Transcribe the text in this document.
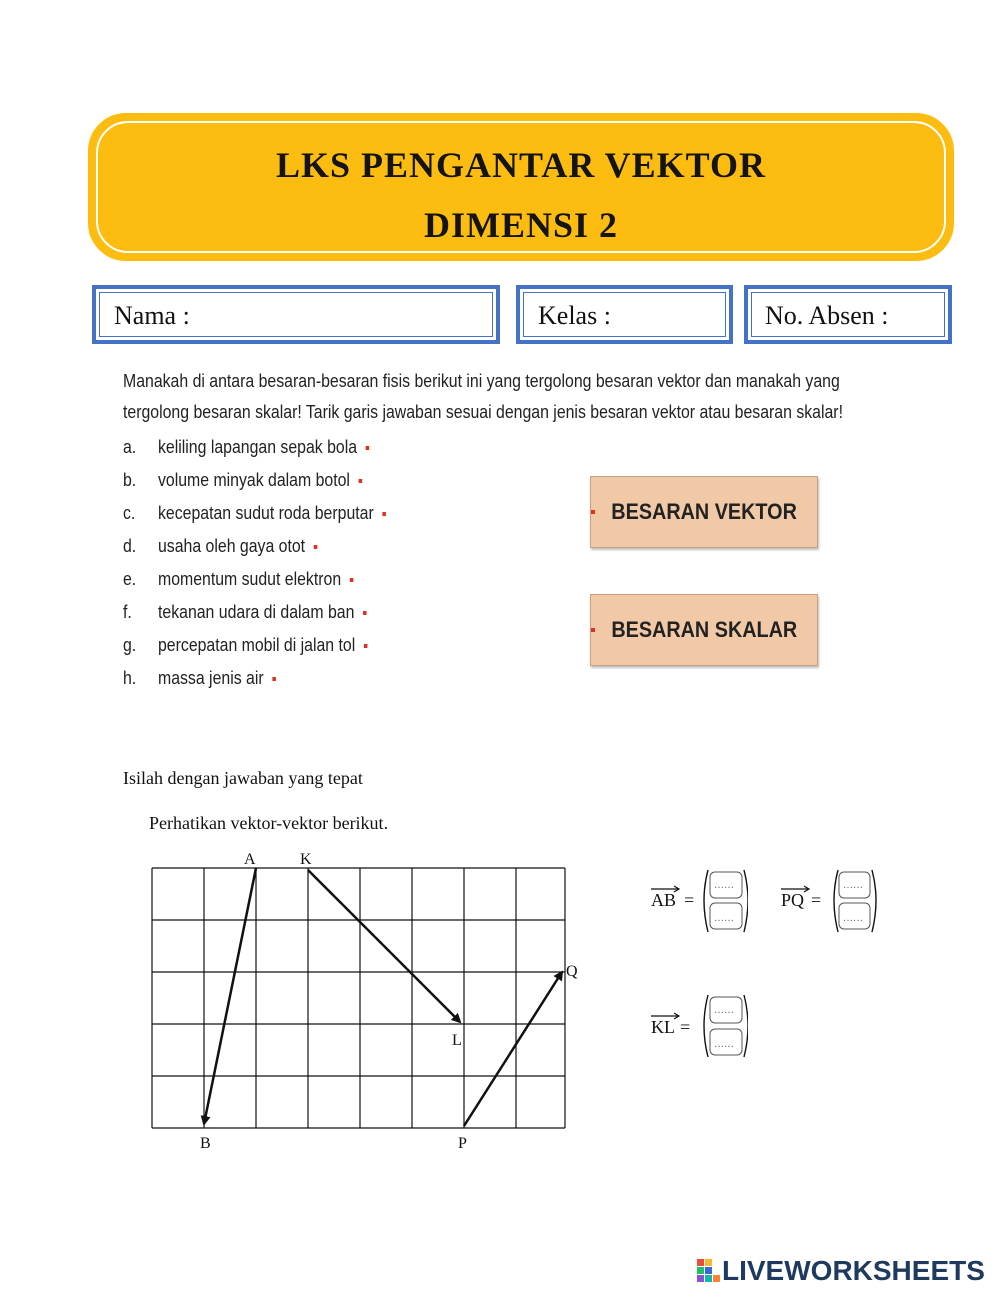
LKS PENGANTAR VEKTOR
DIMENSI 2
Nama :	Kelas :	No. Absen :
Manakah di antara besaran-besaran fisis berikut ini yang tergolong besaran vektor dan manakah yang
tergolong besaran skalar! Tarik garis jawaban sesuai dengan jenis besaran vektor atau besaran skalar!
a. keliling lapangan sepak bola
b. volume minyak dalam botol
c. kecepatan sudut roda berputar
d. usaha oleh gaya otot
e. momentum sudut elektron
f. tekanan udara di dalam ban
g. percepatan mobil di jalan tol
h. massa jenis air
BESARAN VEKTOR
BESARAN SKALAR
Isilah dengan jawaban yang tepat
Perhatikan vektor-vektor berikut.
A	K
B	P
L
Q
AB =
……
……
PQ =
……
……
KL =
……
……
LIVEWORKSHEETS
